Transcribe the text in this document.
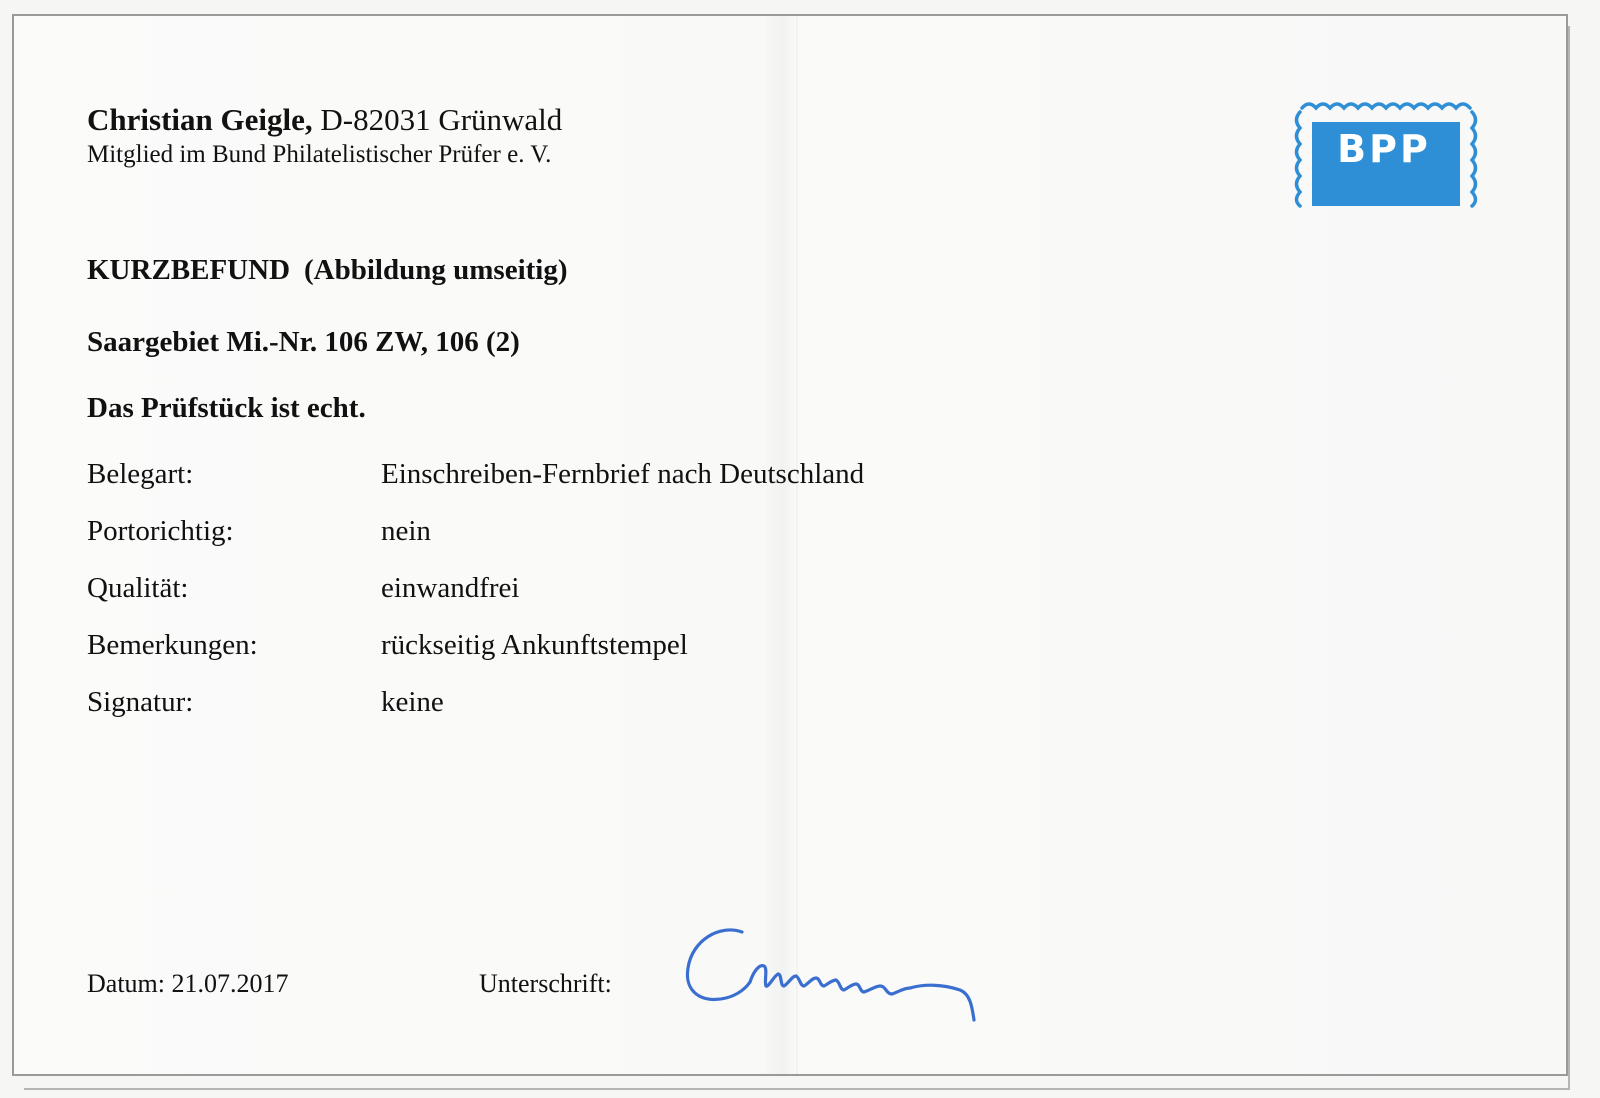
Christian Geigle, D-82031 Grünwald
Mitglied im Bund Philatelistischer Prüfer e. V.	BPP
KURZBEFUND (Abbildung umseitig)
Saargebiet Mi.-Nr. 106 ZW, 106 (2)
Das Prüfstück ist echt.
Belegart:	Einschreiben-Fernbrief nach Deutschland
Portorichtig:	nein
Qualität:	einwandfrei
Bemerkungen:	rückseitig Ankunftstempel
Signatur:	keine
Datum: 21.07.2017	Unterschrift:
